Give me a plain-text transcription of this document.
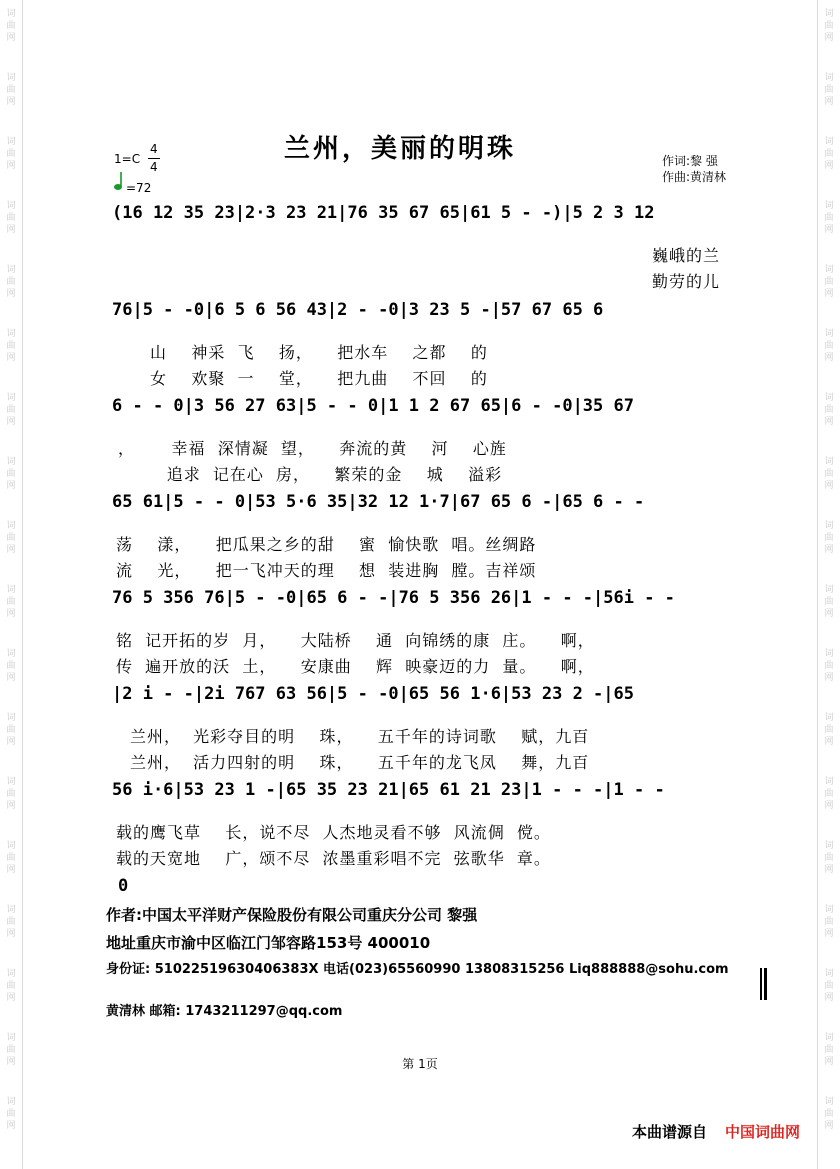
词
曲
网
词
曲
网
词
曲
网
词
曲
网
词
曲
网
词
曲
网
词
曲
网
词
曲
网
词
曲
网
词
曲
网
词
曲
网
词
曲
网
词
曲
网
词
曲
网
词
曲
网
词
曲
网
词
曲
网
词
曲
网
词
曲
网
词
曲
网
词
曲
网
词
曲
网
词
曲
网
词
曲
网
词
曲
网
词
曲
网
词
曲
网
词
曲
网
词
曲
网
词
曲
网
词
曲
网
词
曲
网
词
曲
网
词
曲
网
词
曲
网
词
曲
网
兰州，美丽的明珠
1=C
4
4
=72
作词:黎 强
作曲:黄清林
(16 12 35 23|2·3 23 21|76 35 67 65|61 5 - -)|5 2 3 12
巍峨的兰
勤劳的儿
76|5 - -0|6 5 6 56 43|2 - -0|3 23 5 -|57 67 65 6
山    神采  飞    扬，    把水车    之都    的
女    欢聚  一    堂，    把九曲    不回    的
6 - - 0|3 56 27 63|5 - - 0|1 1 2 67 65|6 - -0|35 67
，      幸福  深情凝  望，    奔流的黄    河    心旌
追求  记在心  房，    繁荣的金    城    溢彩
65 61|5 - - 0|53 5·6 35|32 12 1·7|67 65 6 -|65 6 - -
荡    漾，    把瓜果之乡的甜    蜜  愉快歌  唱。丝绸路
流    光，    把一飞冲天的理    想  装进胸  膛。吉祥颂
76 5 356 76|5 - -0|65 6 - -|76 5 356 26|1 - - -|56i - -
铭  记开拓的岁  月，    大陆桥    通  向锦绣的康  庄。    啊，
传  遍开放的沃  土，    安康曲    辉  映豪迈的力  量。    啊，
|2 i - -|2i 767 63 56|5 - -0|65 56 1·6|53 23 2 -|65
兰州，  光彩夺目的明    珠，    五千年的诗词歌    赋，九百
兰州，  活力四射的明    珠，    五千年的龙飞凤    舞，九百
56 i·6|53 23 1 -|65 35 23 21|65 61 21 23|1 - - -|1 - -
载的鹰飞草    长，说不尽  人杰地灵看不够  风流倜  傥。
载的天宽地    广，颂不尽  浓墨重彩唱不完  弦歌华  章。
0
作者:中国太平洋财产保险股份有限公司重庆分公司 黎强
地址重庆市渝中区临江门邹容路153号 400010
身份证: 51022519630406383X 电话(023)65560990 13808315256 Liq888888@sohu.com
黄清林 邮箱: 1743211297@qq.com
第 1页
本曲谱源自 中国词曲网
